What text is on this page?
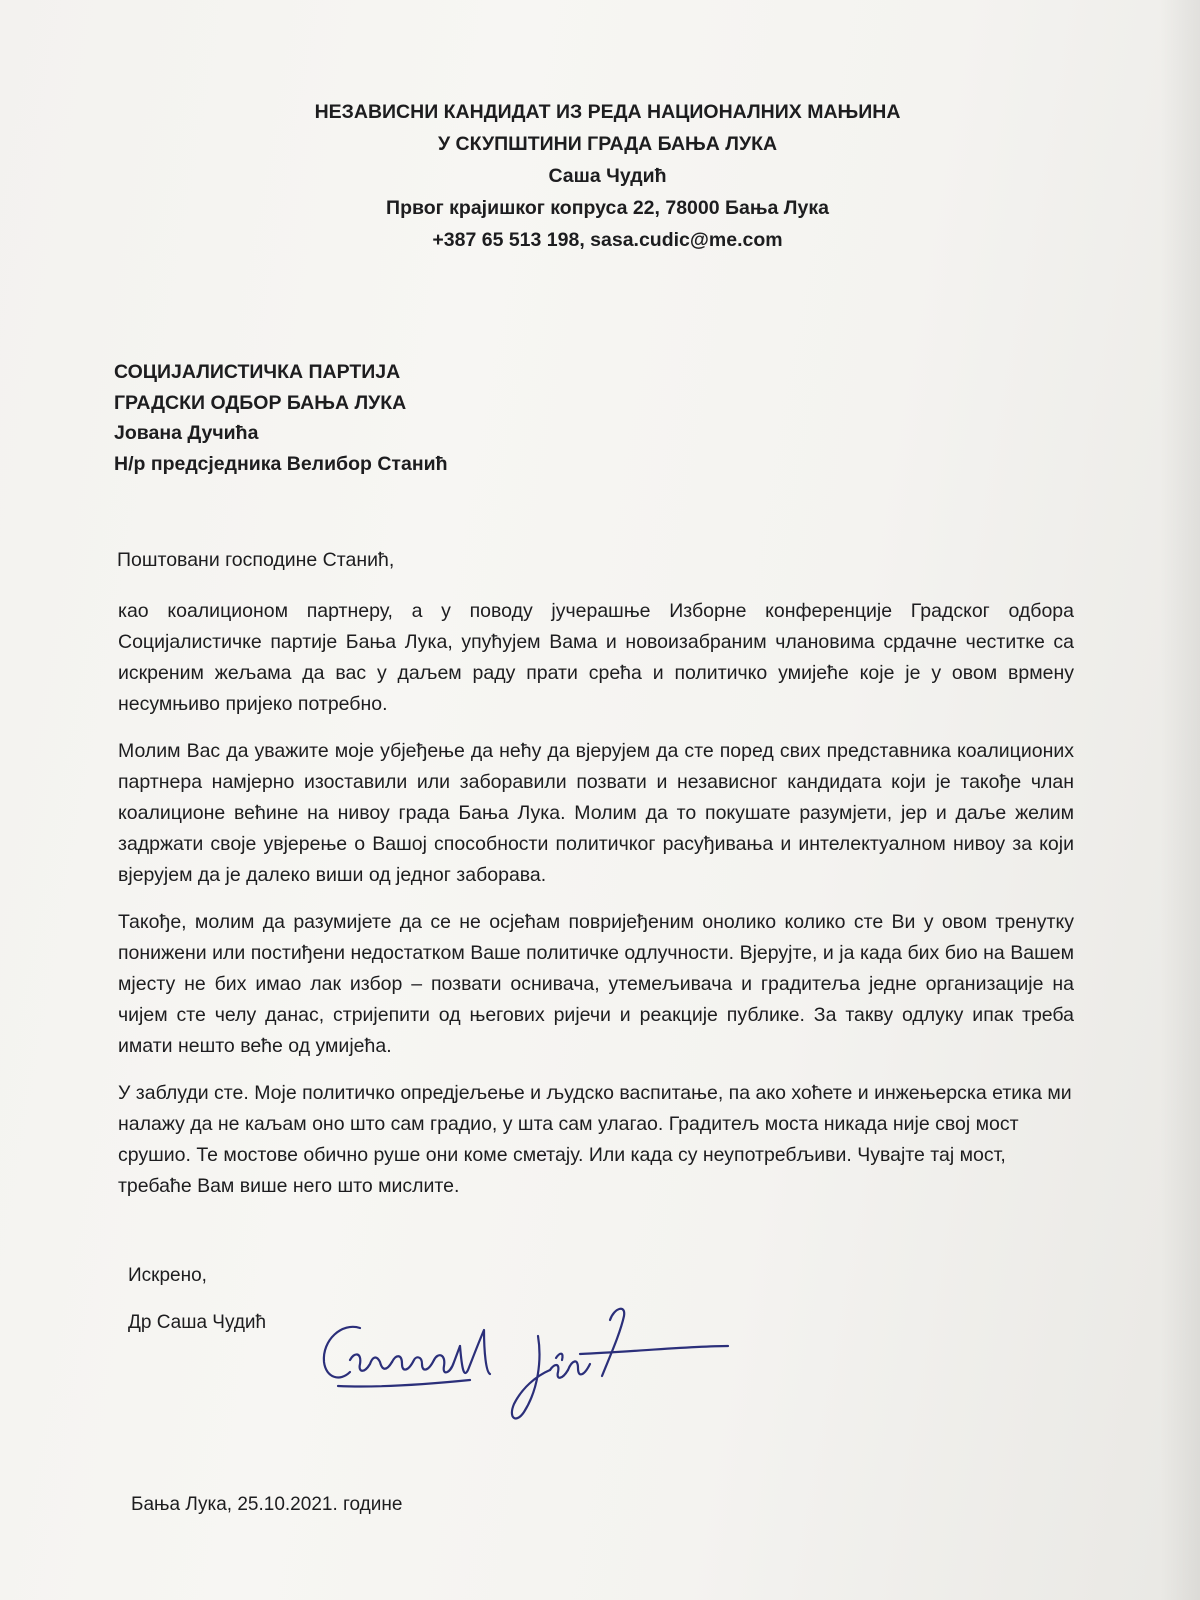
НЕЗАВИСНИ КАНДИДАТ ИЗ РЕДА НАЦИОНАЛНИХ МАЊИНА
У СКУПШТИНИ ГРАДА БАЊА ЛУКА
Саша Чудић
Првог крајишког копруса 22, 78000 Бања Лука
+387 65 513 198, sasa.cudic@me.com
СОЦИЈАЛИСТИЧКА ПАРТИЈА
ГРАДСКИ ОДБОР БАЊА ЛУКА
Јована Дучића
Н/р предсједника Велибор Станић
Поштовани господине Станић,

као коалиционом партнеру, а у поводу јучерашње Изборне конференције Градског одбора Социјалистичке партије Бања Лука, упућујем Вама и новоизабраним члановима срдачне честитке са искреним жељама да вас у даљем раду прати срећа и политичко умијеће које је у овом врмену несумњиво пријеко потребно.

Молим Вас да уважите моје убјеђење да нећу да вјерујем да сте поред свих представника коалиционих партнера намјерно изоставили или заборавили позвати и независног кандидата који је такође члан коалиционе већине на нивоу града Бања Лука. Молим да то покушате разумјети, јер и даље желим задржати своје увјерење о Вашој способности политичког расуђивања и интелектуалном нивоу за који вјерујем да је далеко виши од једног заборава.

Такође, молим да разумијете да се не осјећам повријеђеним онолико колико сте Ви у овом тренутку понижени или постиђени недостатком Ваше политичке одлучности. Вјерујте, и ја када бих био на Вашем мјесту не бих имао лак избор – позвати оснивача, утемељивача и градитеља једне организације на чијем сте челу данас, стријепити од његових ријечи и реакције публике. За такву одлуку ипак треба имати нешто веће од умијећа.

У заблуди сте. Моје политичко опредјељење и људско васпитање, па ако хоћете и инжењерска етика ми налажу да не каљам оно што сам градио, у шта сам улагао. Градитељ моста никада није свој мост срушио. Те мостове обично руше они коме сметају. Или када су неупотребљиви. Чувајте тај мост, требаће Вам више него што мислите.

Искрено,
Др Саша Чудић
Бања Лука, 25.10.2021. године
